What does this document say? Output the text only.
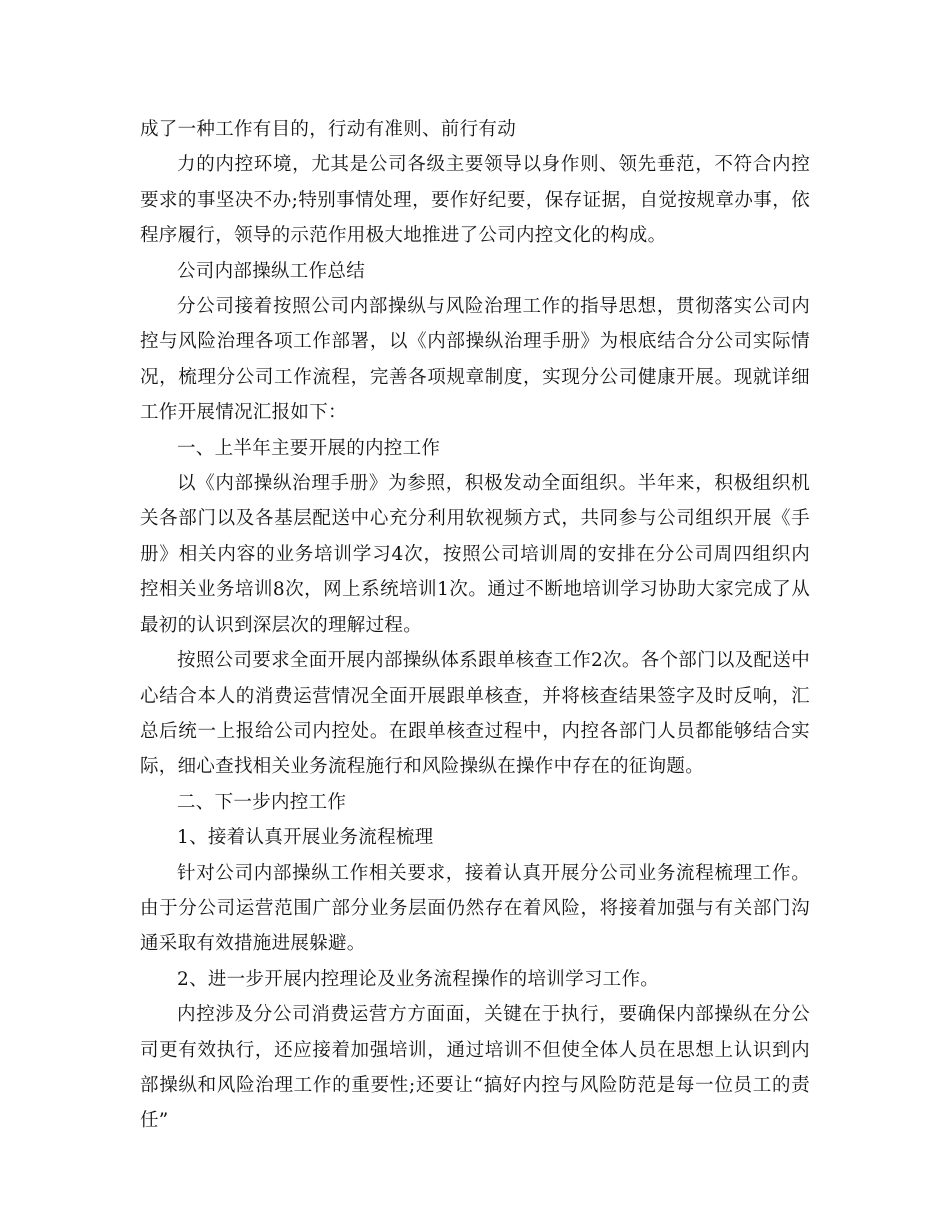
成了一种工作有目的，行动有准则、前行有动

力的内控环境，尤其是公司各级主要领导以身作则、领先垂范，不符合内控要求的事坚决不办;特别事情处理，要作好纪要，保存证据，自觉按规章办事，依程序履行，领导的示范作用极大地推进了公司内控文化的构成。

公司内部操纵工作总结

分公司接着按照公司内部操纵与风险治理工作的指导思想，贯彻落实公司内控与风险治理各项工作部署，以《内部操纵治理手册》为根底结合分公司实际情况，梳理分公司工作流程，完善各项规章制度，实现分公司健康开展。现就详细工作开展情况汇报如下：

一、上半年主要开展的内控工作

以《内部操纵治理手册》为参照，积极发动全面组织。半年来，积极组织机关各部门以及各基层配送中心充分利用软视频方式，共同参与公司组织开展《手册》相关内容的业务培训学习4次，按照公司培训周的安排在分公司周四组织内控相关业务培训8次，网上系统培训1次。通过不断地培训学习协助大家完成了从最初的认识到深层次的理解过程。

按照公司要求全面开展内部操纵体系跟单核查工作2次。各个部门以及配送中心结合本人的消费运营情况全面开展跟单核查，并将核查结果签字及时反响，汇总后统一上报给公司内控处。在跟单核查过程中，内控各部门人员都能够结合实际，细心查找相关业务流程施行和风险操纵在操作中存在的征询题。

二、下一步内控工作

1、接着认真开展业务流程梳理

针对公司内部操纵工作相关要求，接着认真开展分公司业务流程梳理工作。由于分公司运营范围广部分业务层面仍然存在着风险，将接着加强与有关部门沟通采取有效措施进展躲避。

2、进一步开展内控理论及业务流程操作的培训学习工作。

内控涉及分公司消费运营方方面面，关键在于执行，要确保内部操纵在分公司更有效执行，还应接着加强培训，通过培训不但使全体人员在思想上认识到内部操纵和风险治理工作的重要性;还要让“搞好内控与风险防范是每一位员工的责任”
